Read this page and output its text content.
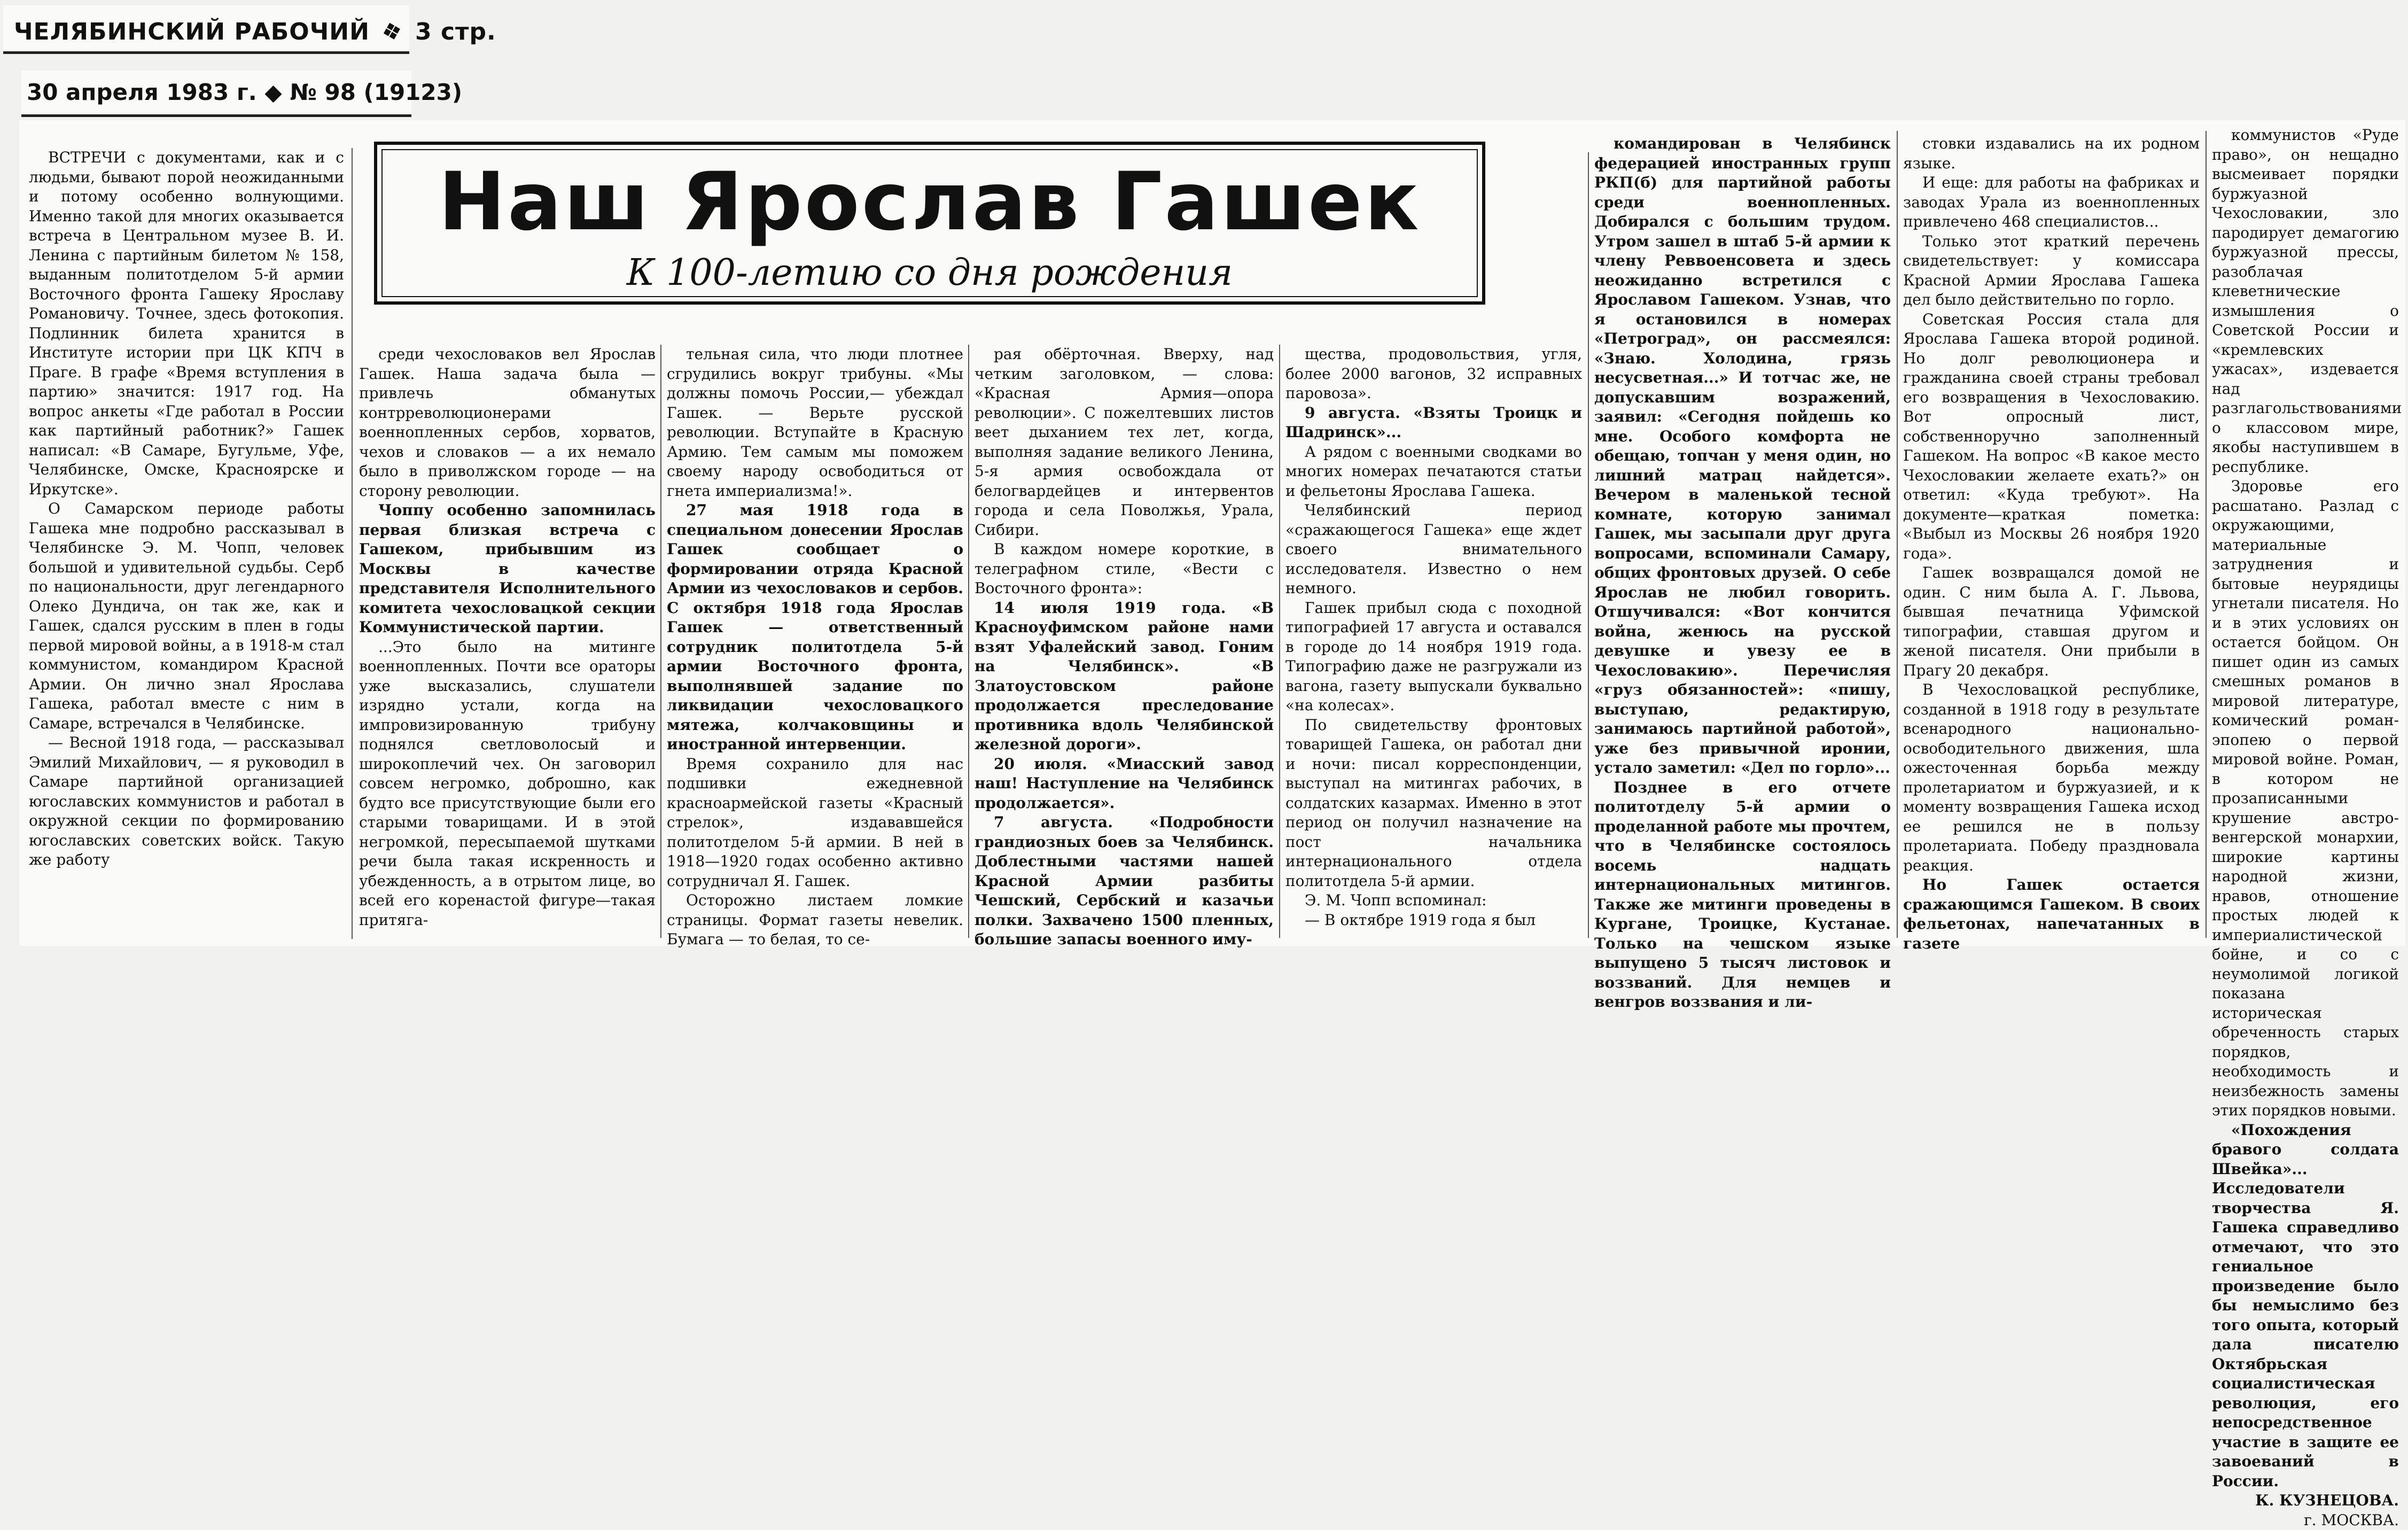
ЧЕЛЯБИНСКИЙ РАБОЧИЙ ❖ 3 стр.
30 апреля 1983 г. ◆ № 98 (19123)
Наш Ярослав Гашек
К 100-летию со дня рождения

ВСТРЕЧИ с документами, как и с людьми, бывают порой неожиданными и потому особенно волнующими. Именно такой для многих оказывается встреча в Центральном музее В. И. Ленина с партийным билетом № 158, выданным политотделом 5-й армии Восточного фронта Гашеку Ярославу Романовичу. Точнее, здесь фотокопия. Подлинник билета хранится в Институте истории при ЦК КПЧ в Праге. В графе «Время вступления в партию» значится: 1917 год. На вопрос анкеты «Где работал в России как партийный работник?» Гашек написал: «В Самаре, Бугульме, Уфе, Челябинске, Омске, Красноярске и Иркутске».

О Самарском периоде работы Гашека мне подробно рассказывал в Челябинске Э. М. Чопп, человек большой и удивительной судьбы. Серб по национальности, друг легендарного Олеко Дундича, он так же, как и Гашек, сдался русским в плен в годы первой мировой войны, а в 1918-м стал коммунистом, командиром Красной Армии. Он лично знал Ярослава Гашека, работал вместе с ним в Самаре, встречался в Челябинске.

— Весной 1918 года, — рассказывал Эмилий Михайлович, — я руководил в Самаре партийной организацией югославских коммунистов и работал в окружной секции по формированию югославских советских войск. Такую же работу

среди чехословаков вел Ярослав Гашек. Наша задача была — привлечь обманутых контрреволюционерами военнопленных сербов, хорватов, чехов и словаков — а их немало было в приволжском городе — на сторону революции.

Чоппу особенно запомнилась первая близкая встреча с Гашеком, прибывшим из Москвы в качестве представителя Исполнительного комитета чехословацкой секции Коммунистической партии.

...Это было на митинге военнопленных. Почти все ораторы уже высказались, слушатели изрядно устали, когда на импровизированную трибуну поднялся светловолосый и широкоплечий чех. Он заговорил совсем негромко, доброшно, как будто все присутствующие были его старыми товарищами. И в этой негромкой, пересыпаемой шутками речи была такая искренность и убежденность, а в отрытом лице, во всей его коренастой фигуре—такая притяга-

тельная сила, что люди плотнее сгрудились вокруг трибуны. «Мы должны помочь России,— убеждал Гашек. — Верьте русской революции. Вступайте в Красную Армию. Тем самым мы поможем своему народу освободиться от гнета империализма!».

27 мая 1918 года в специальном донесении Ярослав Гашек сообщает о формировании отряда Красной Армии из чехословаков и сербов. С октября 1918 года Ярослав Гашек — ответственный сотрудник политотдела 5-й армии Восточного фронта, выполнявшей задание по ликвидации чехословацкого мятежа, колчаковщины и иностранной интервенции.

Время сохранило для нас подшивки ежедневной красноармейской газеты «Красный стрелок», издававшейся политотделом 5-й армии. В ней в 1918—1920 годах особенно активно сотрудничал Я. Гашек.

Осторожно листаем ломкие страницы. Формат газеты невелик. Бумага — то белая, то се-

рая обёрточная. Вверху, над четким заголовком, — слова: «Красная Армия—опора революции». С пожелтевших листов веет дыханием тех лет, когда, выполняя задание великого Ленина, 5-я армия освобождала от белогвардейцев и интервентов города и села Поволжья, Урала, Сибири.

В каждом номере короткие, в телеграфном стиле, «Вести с Восточного фронта»:

14 июля 1919 года. «В Красноуфимском районе нами взят Уфалейский завод. Гоним на Челябинск». «В Златоустовском районе продолжается преследование противника вдоль Челябинской железной дороги».

20 июля. «Миасский завод наш! Наступление на Челябинск продолжается».

7 августа. «Подробности грандиозных боев за Челябинск. Доблестными частями нашей Красной Армии разбиты Чешский, Сербский и казачьи полки. Захвачено 1500 пленных, большие запасы военного иму-

щества, продовольствия, угля, более 2000 вагонов, 32 исправных паровоза».

9 августа. «Взяты Троицк и Шадринск»...

А рядом с военными сводками во многих номерах печатаются статьи и фельетоны Ярослава Гашека.

Челябинский период «сражающегося Гашека» еще ждет своего внимательного исследователя. Известно о нем немного.

Гашек прибыл сюда с походной типографией 17 августа и оставался в городе до 14 ноября 1919 года. Типографию даже не разгружали из вагона, газету выпускали буквально «на колесах».

По свидетельству фронтовых товарищей Гашека, он работал дни и ночи: писал корреспонденции, выступал на митингах рабочих, в солдатских казармах. Именно в этот период он получил назначение на пост начальника интернационального отдела политотдела 5-й армии.

Э. М. Чопп вспоминал:

— В октябре 1919 года я был

командирован в Челябинск федерацией иностранных групп РКП(б) для партийной работы среди военнопленных. Добирался с большим трудом. Утром зашел в штаб 5-й армии к члену Реввоенсовета и здесь неожиданно встретился с Ярославом Гашеком. Узнав, что я остановился в номерах «Петроград», он рассмеялся: «Знаю. Холодина, грязь несусветная...» И тотчас же, не допускавшим возражений, заявил: «Сегодня пойдешь ко мне. Особого комфорта не обещаю, топчан у меня один, но лишний матрац найдется». Вечером в маленькой тесной комнате, которую занимал Гашек, мы засыпали друг друга вопросами, вспоминали Самару, общих фронтовых друзей. О себе Ярослав не любил говорить. Отшучивался: «Вот кончится война, женюсь на русской девушке и увезу ее в Чехословакию». Перечисляя «груз обязанностей»: «пишу, выступаю, редактирую, занимаюсь партийной работой», уже без привычной иронии, устало заметил: «Дел по горло»...

Позднее в его отчете политотделу 5-й армии о проделанной работе мы прочтем, что в Челябинске состоялось восемь надцать интернациональных митингов. Также же митинги проведены в Кургане, Троицке, Кустанае. Только на чешском языке выпущено 5 тысяч листовок и воззваний. Для немцев и венгров воззвания и ли-

стовки издавались на их родном языке.

И еще: для работы на фабриках и заводах Урала из военнопленных привлечено 468 специалистов...

Только этот краткий перечень свидетельствует: у комиссара Красной Армии Ярослава Гашека дел было действительно по горло.

Советская Россия стала для Ярослава Гашека второй родиной. Но долг революционера и гражданина своей страны требовал его возвращения в Чехословакию. Вот опросный лист, собственноручно заполненный Гашеком. На вопрос «В какое место Чехословакии желаете ехать?» он ответил: «Куда требуют». На документе—краткая пометка: «Выбыл из Москвы 26 ноября 1920 года».

Гашек возвращался домой не один. С ним была А. Г. Львова, бывшая печатница Уфимской типографии, ставшая другом и женой писателя. Они прибыли в Прагу 20 декабря.

В Чехословацкой республике, созданной в 1918 году в результате всенародного национально-освободительного движения, шла ожесточенная борьба между пролетариатом и буржуазией, и к моменту возвращения Гашека исход ее решился не в пользу пролетариата. Победу праздновала реакция.

Но Гашек остается сражающимся Гашеком. В своих фельетонах, напечатанных в газете

коммунистов «Руде право», он нещадно высмеивает порядки буржуазной Чехословакии, зло пародирует демагогию буржуазной прессы, разоблачая клеветнические измышления о Советской России и «кремлевских ужасах», издевается над разглагольствованиями о классовом мире, якобы наступившем в республике.

Здоровье его расшатано. Разлад с окружающими, материальные затруднения и бытовые неурядицы угнетали писателя. Но и в этих условиях он остается бойцом. Он пишет один из самых смешных романов в мировой литературе, комический роман-эпопею о первой мировой войне. Роман, в котором не прозаписанными крушение австро-венгерской монархии, широкие картины народной жизни, нравов, отношение простых людей к империалистической бойне, и со с неумолимой логикой показана историческая обреченность старых порядков, необходимость и неизбежность замены этих порядков новыми.

«Похождения бравого солдата Швейка»... Исследователи творчества Я. Гашека справедливо отмечают, что это гениальное произведение было бы немыслимо без того опыта, который дала писателю Октябрьская социалистическая революция, его непосредственное участие в защите ее завоеваний в России.

К. КУЗНЕЦОВА.

г. МОСКВА.
